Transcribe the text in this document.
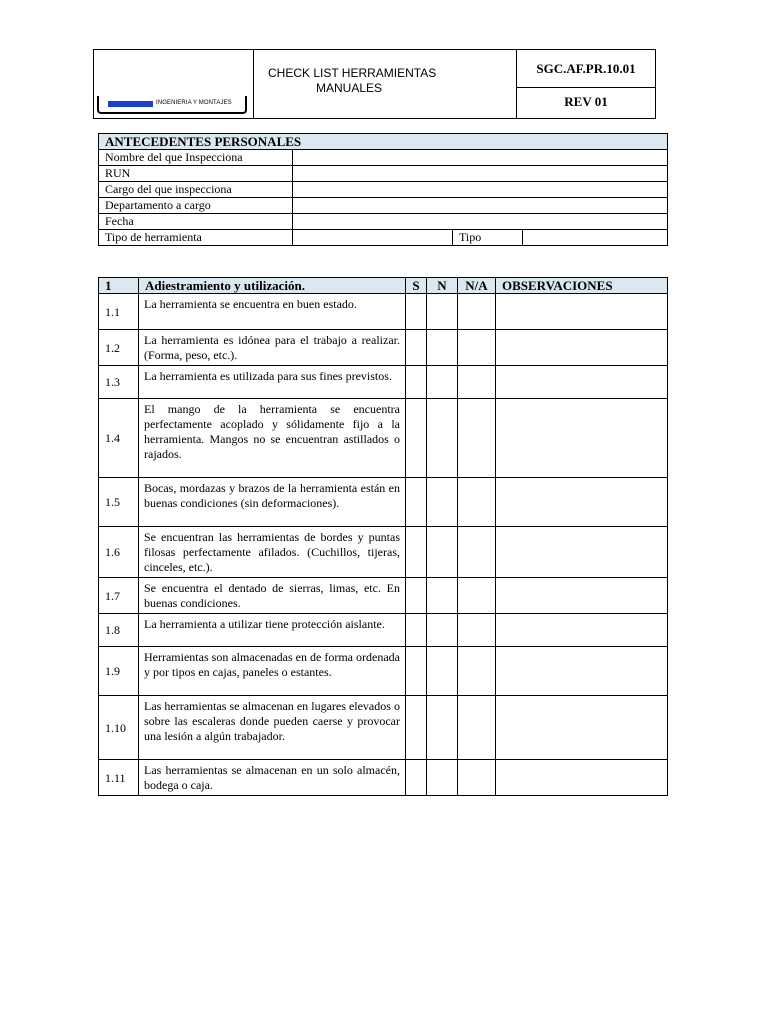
INGENIERIA Y MONTAJES
CHECK LIST HERRAMIENTAS
MANUALES
SGC.AF.PR.10.01
REV 01
ANTECEDENTES PERSONALES			
Nombre del que Inspecciona			
RUN			
Cargo del que inspecciona			
Departamento a cargo			
Fecha			
Tipo de herramienta		Tipo	
1	Adiestramiento y utilización.	S	N	N/A	OBSERVACIONES
1.1	La herramienta se encuentra en buen estado.				
1.2	La herramienta es idónea para el trabajo a realizar. (Forma, peso, etc.).				
1.3	La herramienta es utilizada para sus fines previstos.				
1.4	El mango de la herramienta se encuentra perfectamente acoplado y sólidamente fijo a la herramienta. Mangos no se encuentran astillados o rajados.				
1.5	Bocas, mordazas y brazos de la herramienta están en buenas condiciones (sin deformaciones).				
1.6	Se encuentran las herramientas de bordes y puntas filosas perfectamente afilados. (Cuchillos, tijeras, cinceles, etc.).				
1.7	Se encuentra el dentado de sierras, limas, etc. En buenas condiciones.				
1.8	La herramienta a utilizar tiene protección aislante.				
1.9	Herramientas son almacenadas en de forma ordenada y por tipos en cajas, paneles o estantes.				
1.10	Las herramientas se almacenan en lugares elevados o sobre las escaleras donde pueden caerse y provocar una lesión a algún trabajador.				
1.11	Las herramientas se almacenan en un solo almacén, bodega o caja.				
